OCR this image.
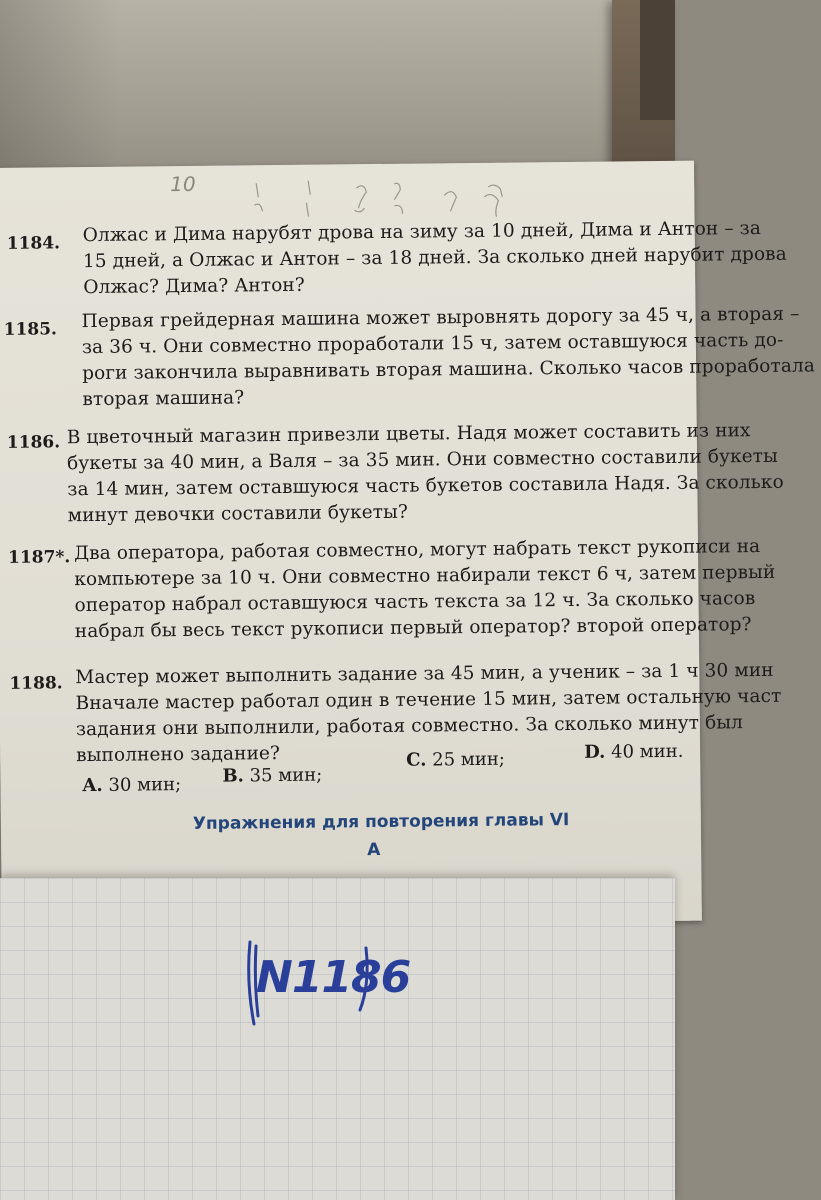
10
1184. Олжас и Дима нарубят дрова на зиму за 10 дней, Дима и Антон – за
15 дней, а Олжас и Антон – за 18 дней. За сколько дней нарубит дрова
Олжас? Дима? Антон?
1185. Первая грейдерная машина может выровнять дорогу за 45 ч, а вторая –
за 36 ч. Они совместно проработали 15 ч, затем оставшуюся часть до-
роги закончила выравнивать вторая машина. Сколько часов проработала
вторая машина?
1186. В цветочный магазин привезли цветы. Надя может составить из них
букеты за 40 мин, а Валя – за 35 мин. Они совместно составили букеты
за 14 мин, затем оставшуюся часть букетов составила Надя. За сколько
минут девочки составили букеты?
1187*. Два оператора, работая совместно, могут набрать текст рукописи на
компьютере за 10 ч. Они совместно набирали текст 6 ч, затем первый
оператор набрал оставшуюся часть текста за 12 ч. За сколько часов
набрал бы весь текст рукописи первый оператор? второй оператор?
1188. Мастер может выполнить задание за 45 мин, а ученик – за 1 ч 30 мин
Вначале мастер работал один в течение 15 мин, затем остальную част
задания они выполнили, работая совместно. За сколько минут был
выполнено задание?
A. 30 мин; B. 35 мин;
C. 25 мин;	D. 40 мин.
Упражнения для повторения главы VI
A
N1186
